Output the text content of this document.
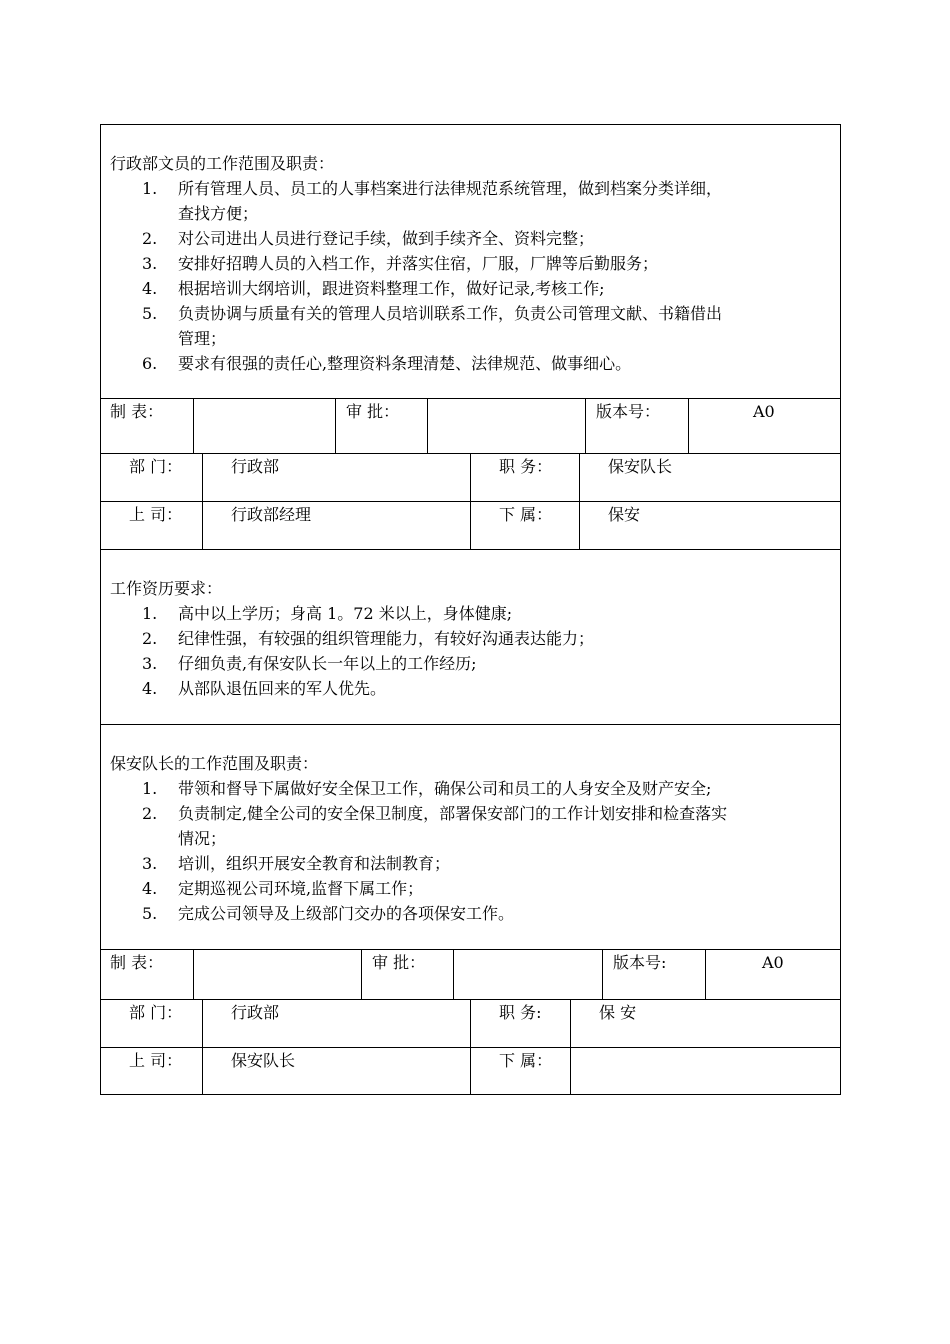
行政部文员的工作范围及职责：
1. 所有管理人员、员工的人事档案进行法律规范系统管理，做到档案分类详细，
查找方便；
2. 对公司进出人员进行登记手续，做到手续齐全、资料完整；
3. 安排好招聘人员的入档工作，并落实住宿，厂服，厂牌等后勤服务；
4. 根据培训大纲培训，跟进资料整理工作，做好记录,考核工作;
5. 负责协调与质量有关的管理人员培训联系工作，负责公司管理文献、书籍借出
管理；
6. 要求有很强的责任心,整理资料条理清楚、法律规范、做事细心。
制 表：	审 批：	版本号：	A0
部 门：	行政部	职 务：	保安队长
上 司：	行政部经理	下 属：	保安
工作资历要求：
1. 高中以上学历；身高 1。72 米以上，身体健康;
2. 纪律性强，有较强的组织管理能力，有较好沟通表达能力；
3. 仔细负责,有保安队长一年以上的工作经历;
4. 从部队退伍回来的军人优先。
保安队长的工作范围及职责：
1. 带领和督导下属做好安全保卫工作，确保公司和员工的人身安全及财产安全;
2. 负责制定,健全公司的安全保卫制度，部署保安部门的工作计划安排和检查落实
情况；
3. 培训，组织开展安全教育和法制教育；
4. 定期巡视公司环境,监督下属工作；
5. 完成公司领导及上级部门交办的各项保安工作。
制 表：	审 批：	版本号:	A0
部 门：	行政部	职 务:	保 安
上 司：	保安队长	下 属：
